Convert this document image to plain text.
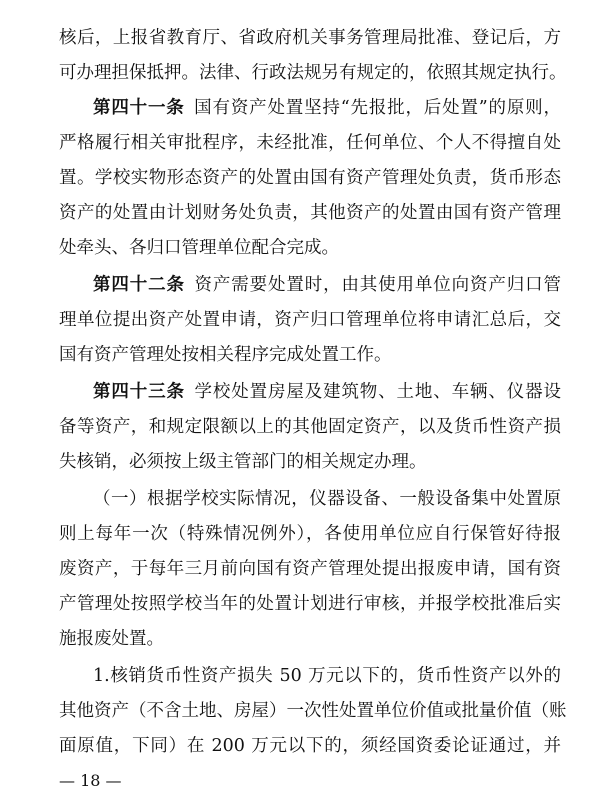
核后，上报省教育厅、省政府机关事务管理局批准、登记后，方
可办理担保抵押。法律、行政法规另有规定的，依照其规定执行。
第四十一条  国有资产处置坚持“先报批，后处置”的原则，
严格履行相关审批程序，未经批准，任何单位、个人不得擅自处
置。学校实物形态资产的处置由国有资产管理处负责，货币形态
资产的处置由计划财务处负责，其他资产的处置由国有资产管理
处牵头、各归口管理单位配合完成。
第四十二条  资产需要处置时，由其使用单位向资产归口管
理单位提出资产处置申请，资产归口管理单位将申请汇总后，交
国有资产管理处按相关程序完成处置工作。
第四十三条  学校处置房屋及建筑物、土地、车辆、仪器设
备等资产，和规定限额以上的其他固定资产，以及货币性资产损
失核销，必须按上级主管部门的相关规定办理。
（一）根据学校实际情况，仪器设备、一般设备集中处置原
则上每年一次（特殊情况例外），各使用单位应自行保管好待报
废资产，于每年三月前向国有资产管理处提出报废申请，国有资
产管理处按照学校当年的处置计划进行审核，并报学校批准后实
施报废处置。
1.核销货币性资产损失 50 万元以下的，货币性资产以外的
其他资产（不含土地、房屋）一次性处置单位价值或批量价值（账
面原值，下同）在 200 万元以下的，须经国资委论证通过，并
— 18 —
